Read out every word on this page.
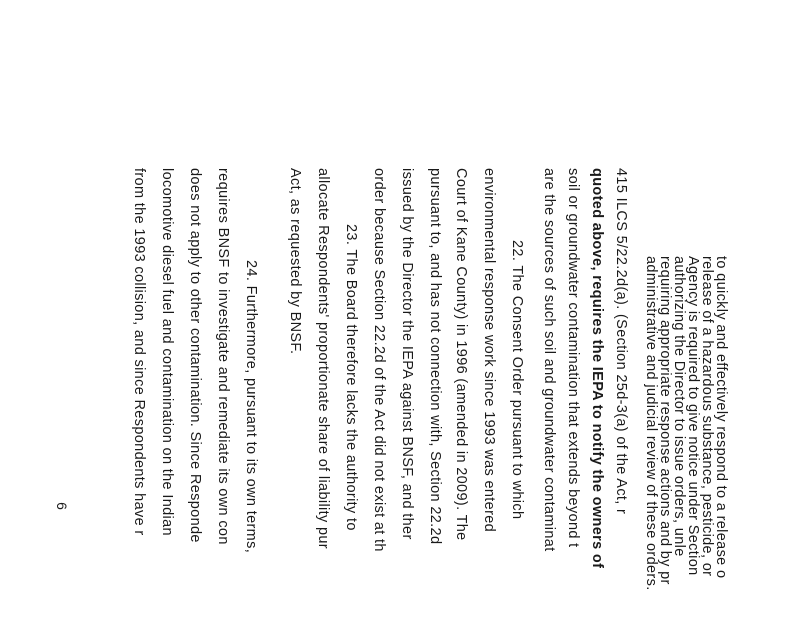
to quickly and effectively respond to a release o
release of a hazardous substance, pesticide, or
Agency is required to give notice under Section
authorizing the Director to issue orders, unle
requiring appropriate response actions and by pr
administrative and judicial review of these orders.
415 ILCS 5/22.2d(a). (Section 25d-3(a) of the Act, r
quoted above, requires the IEPA to notify the owners of
soil or groundwater contamination that extends beyond t
are the sources of such soil and groundwater contaminat
22. The Consent Order pursuant to which
environmental response work since 1993 was entered
Court of Kane County) in 1996 (amended in 2009). The
pursuant to, and has not connection with, Section 22.2d
issued by the Director the IEPA against BNSF, and ther
order because Section 22.2d of the Act did not exist at th
23. The Board therefore lacks the authority to
allocate Respondents' proportionate share of liability pur
Act, as requested by BNSF.
24. Furthermore, pursuant to its own terms,
requires BNSF to investigate and remediate its own con
does not apply to other contamination. Since Responde
locomotive diesel fuel and contamination on the Indian
from the 1993 collision, and since Respondents have r
6
